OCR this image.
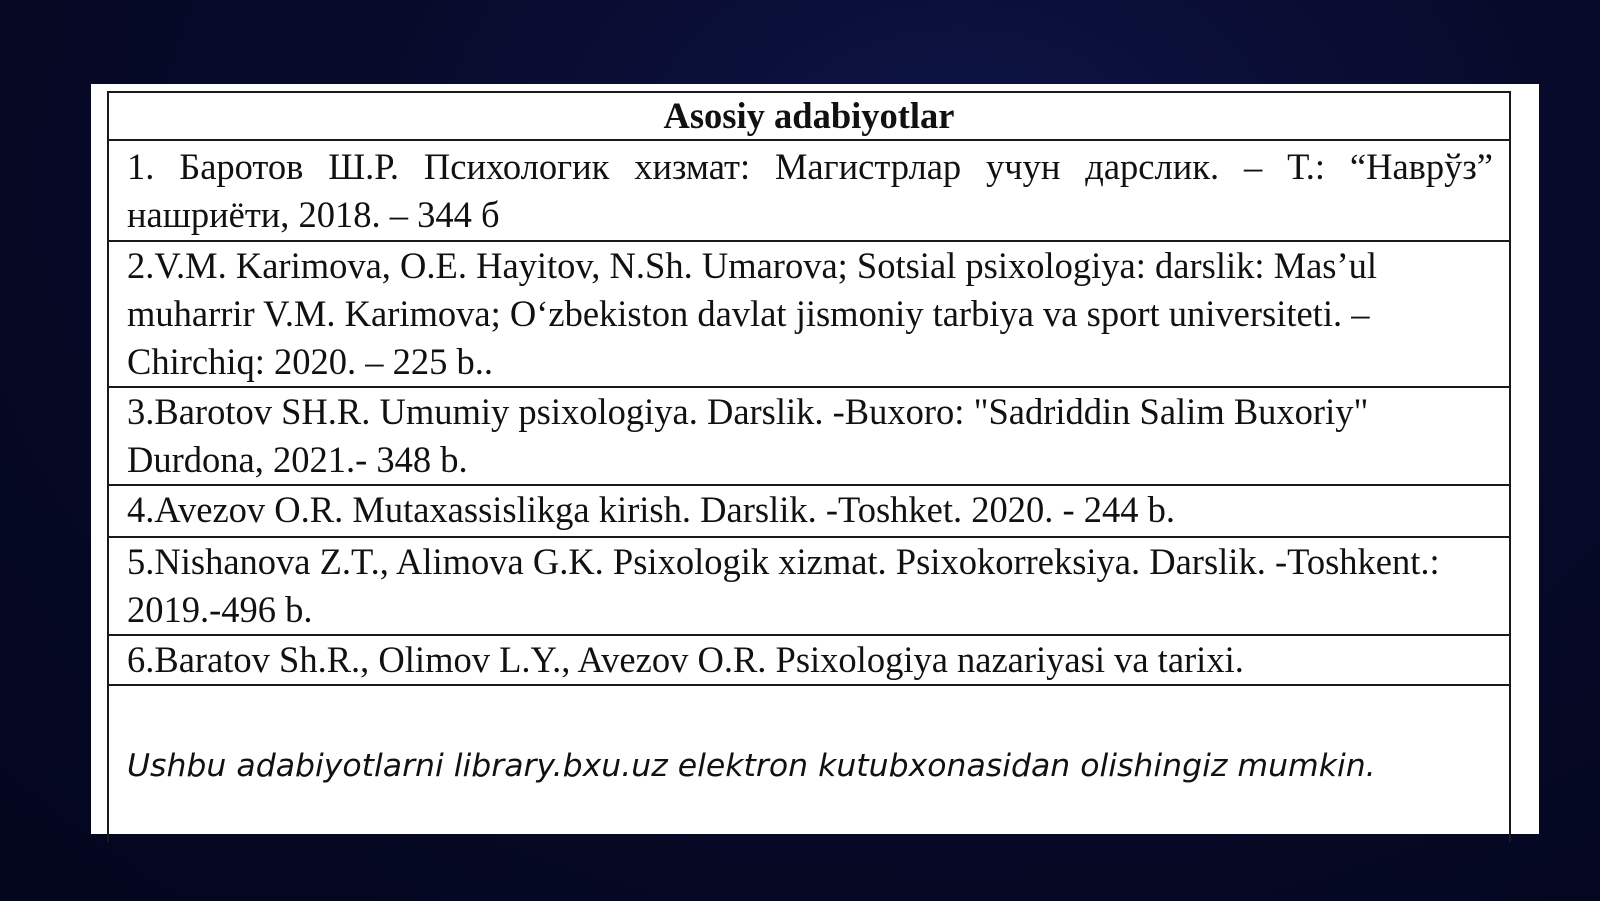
Asosiy adabiyotlar
1. Баротов Ш.Р. Психологик хизмат: Магистрлар учун дарслик. – Т.: “Наврўз” нашриёти, 2018. – 344 б
2.V.M. Karimova, O.E. Hayitov, N.Sh. Umarova; Sotsial psixologiya: darslik: Mas’ul muharrir V.M. Karimova; O‘zbekiston davlat jismoniy tarbiya va sport universiteti. – Chirchiq: 2020. – 225 b..
3.Barotov SH.R. Umumiy psixologiya. Darslik. -Buxoro: "Sadriddin Salim Buxoriy" Durdona, 2021.- 348 b.
4.Avezov O.R. Mutaxassislikga kirish. Darslik. -Toshket. 2020. - 244 b.
5.Nishanova Z.T., Alimova G.K. Psixologik xizmat. Psixokorreksiya. Darslik. -Toshkent.: 2019.-496 b.
6.Baratov Sh.R., Olimov L.Y., Avezov O.R. Psixologiya nazariyasi va tarixi.
Ushbu adabiyotlarni library.bxu.uz elektron kutubxonasidan olishingiz mumkin.
